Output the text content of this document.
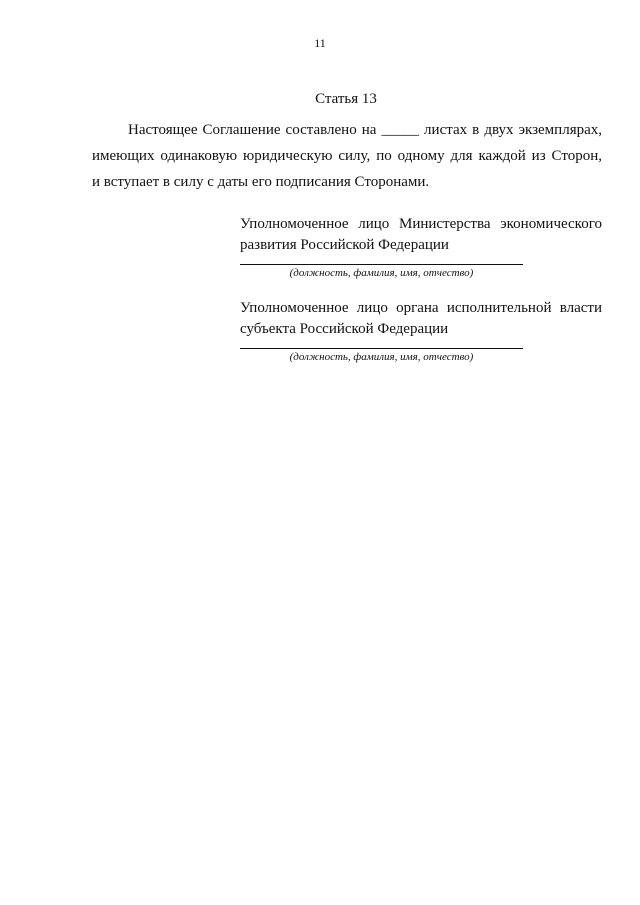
11
Статья 13
Настоящее Соглашение составлено на _____ листах в двух экземплярах,
имеющих одинаковую юридическую силу, по одному для каждой из Сторон,
и вступает в силу с даты его подписания Сторонами.
Уполномоченное лицо Министерства экономического
развития Российской Федерации
(должность, фамилия, имя, отчество)
Уполномоченное лицо органа исполнительной власти
субъекта Российской Федерации
(должность, фамилия, имя, отчество)
